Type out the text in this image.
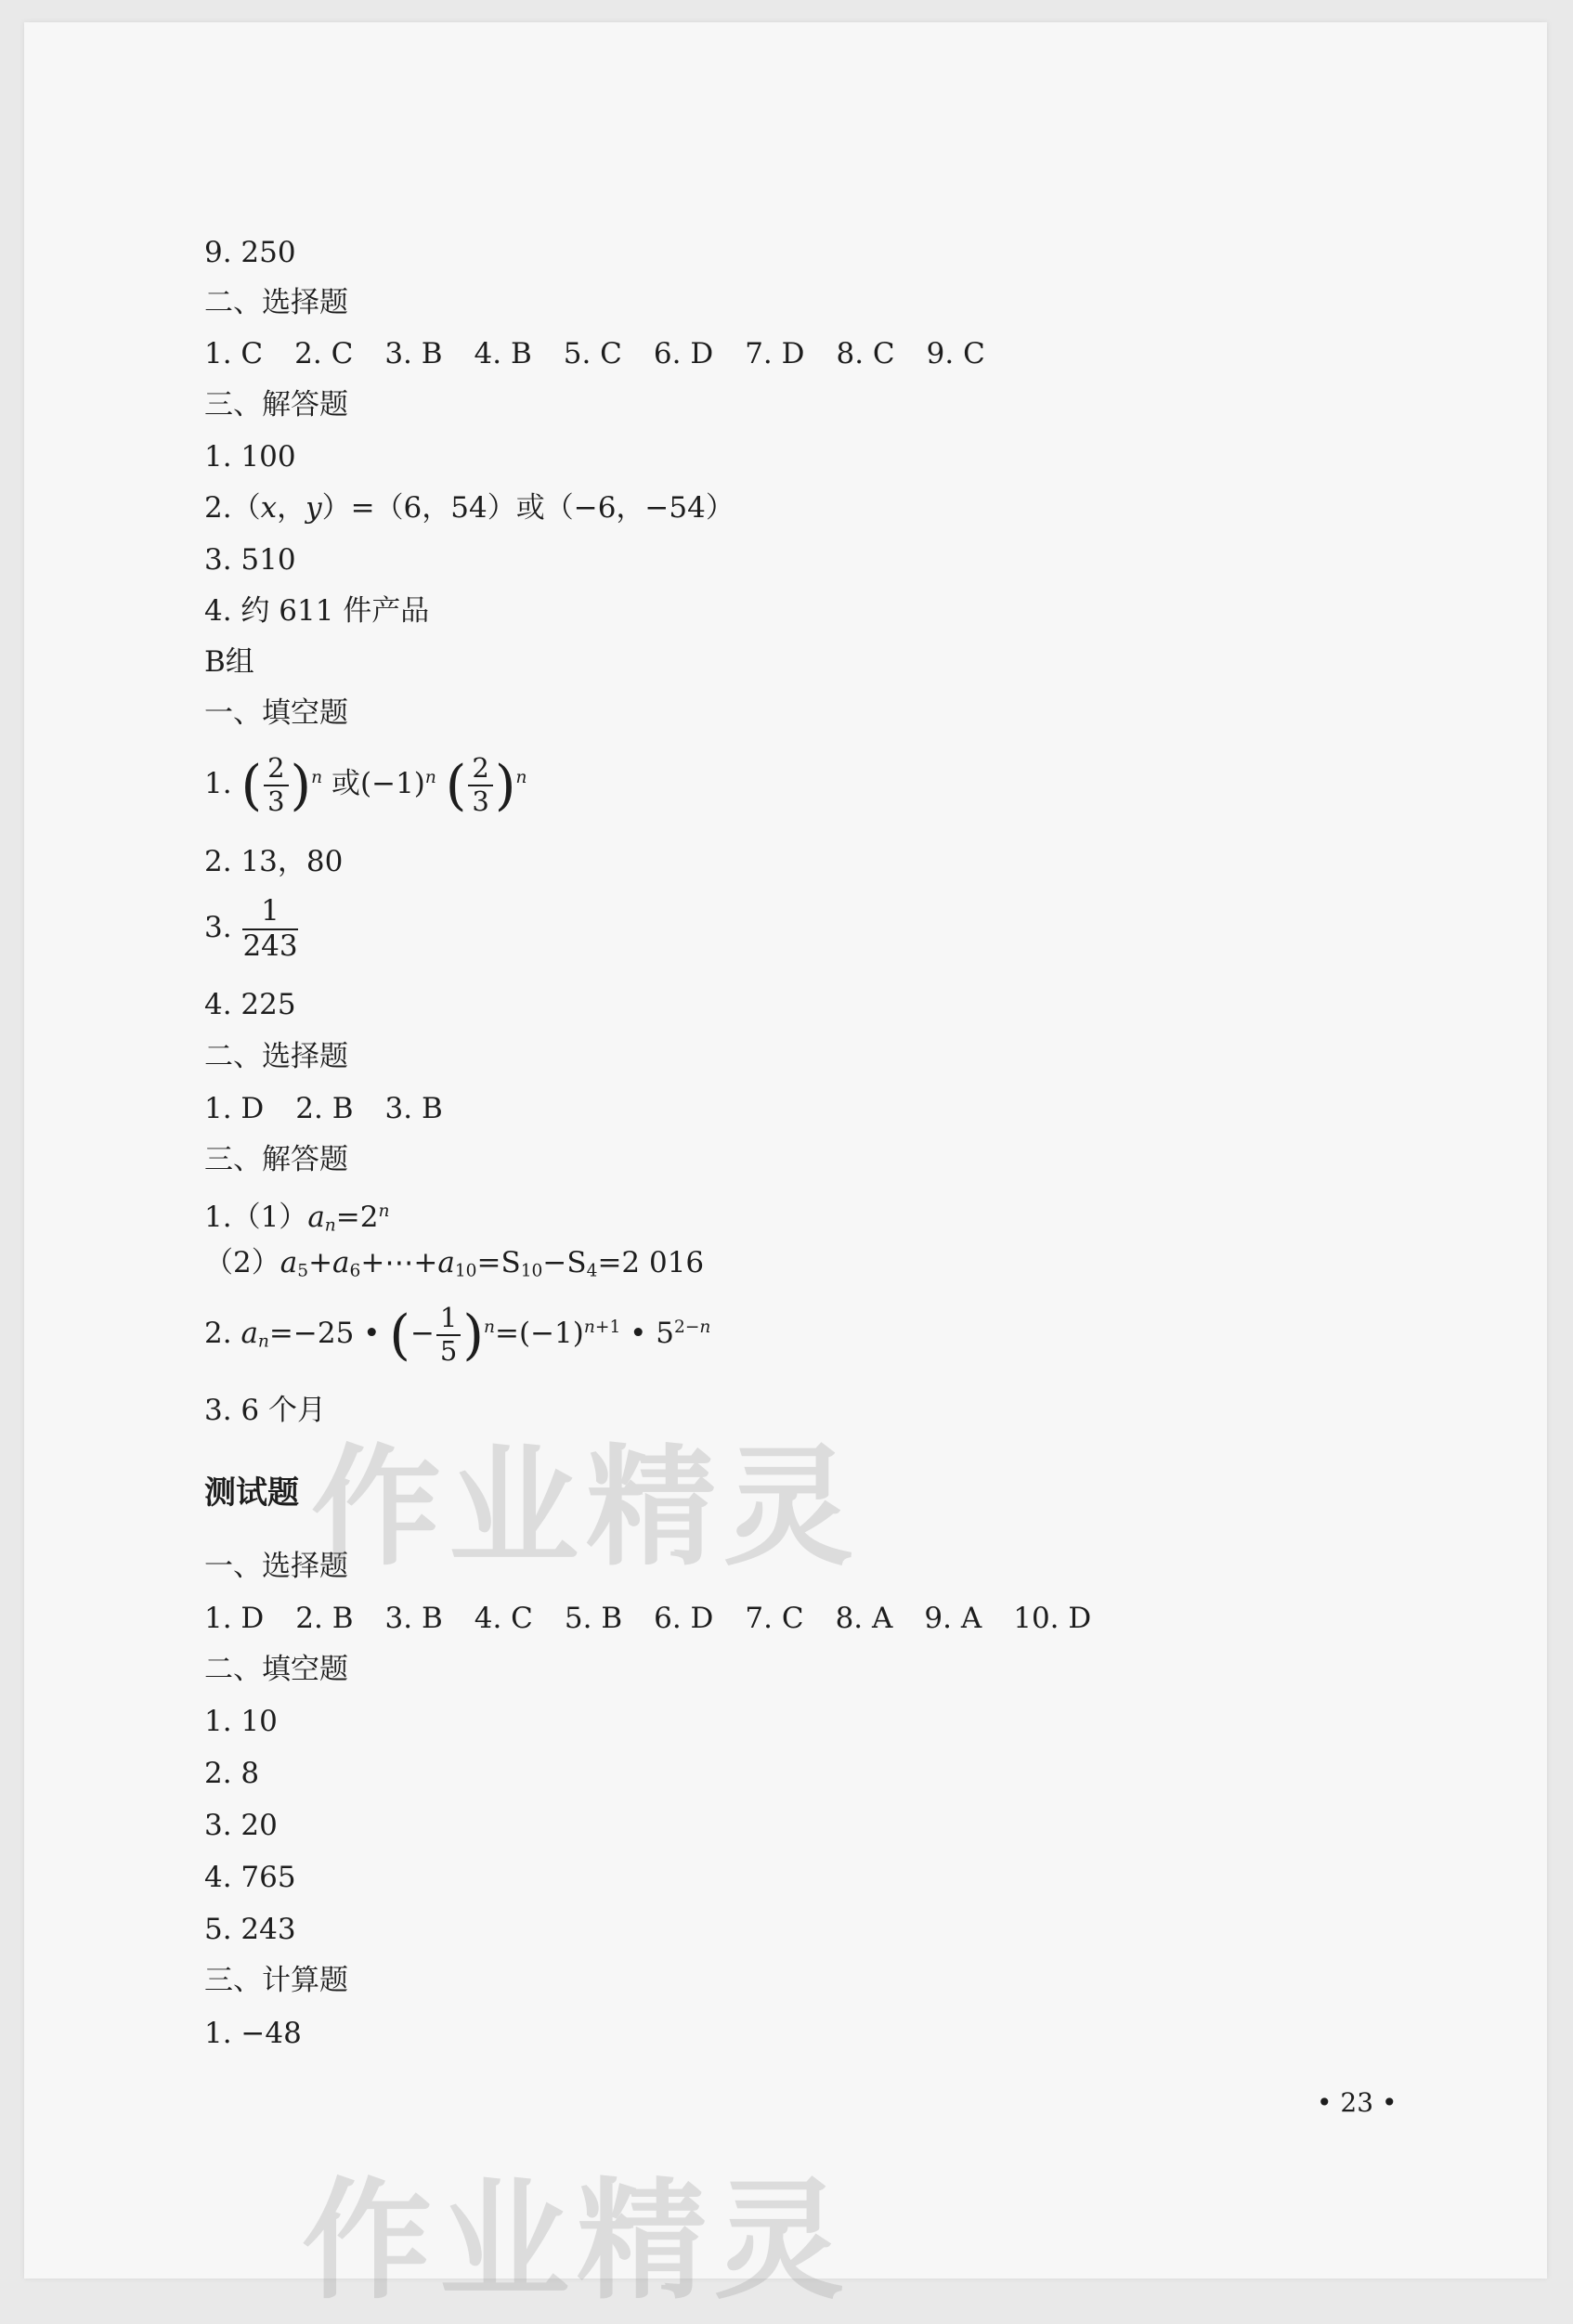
9. 250
二、选择题
1. C 2. C 3. B 4. B 5. C 6. D 7. D 8. C 9. C
三、解答题
1. 100
2.（x，y）=（6，54）或（−6，−54）
3. 510
4. 约 611 件产品
B组
一、填空题
1. ( $\frac{2}{3} )^n$ 或$(-1)^n$ ( $\frac{2}{3} )^n$
2. 13，80
3. $\frac{1}{243}$
4. 225
二、选择题
1. D 2. B 3. B
三、解答题
$1.(1)a_n=2^n$
$(2)a_5+a_6+\cdots+a_{10}=S_{10}-S_4=2$ 016
2. $a_n=-25$ • (− $\frac{1}{5} )^n=(-1)^{n+1}$ • $5^{2-n}$
3. 6 个月
测试题
一、选择题
1. D 2. B 3. B 4. C 5. B 6. D 7. C 8. A 9. A 10. D
二、填空题
1. 10
2. 8
3. 20
4. 765
5. 243
三、计算题
1. −48
• 23 •
作业精灵
作业精灵
